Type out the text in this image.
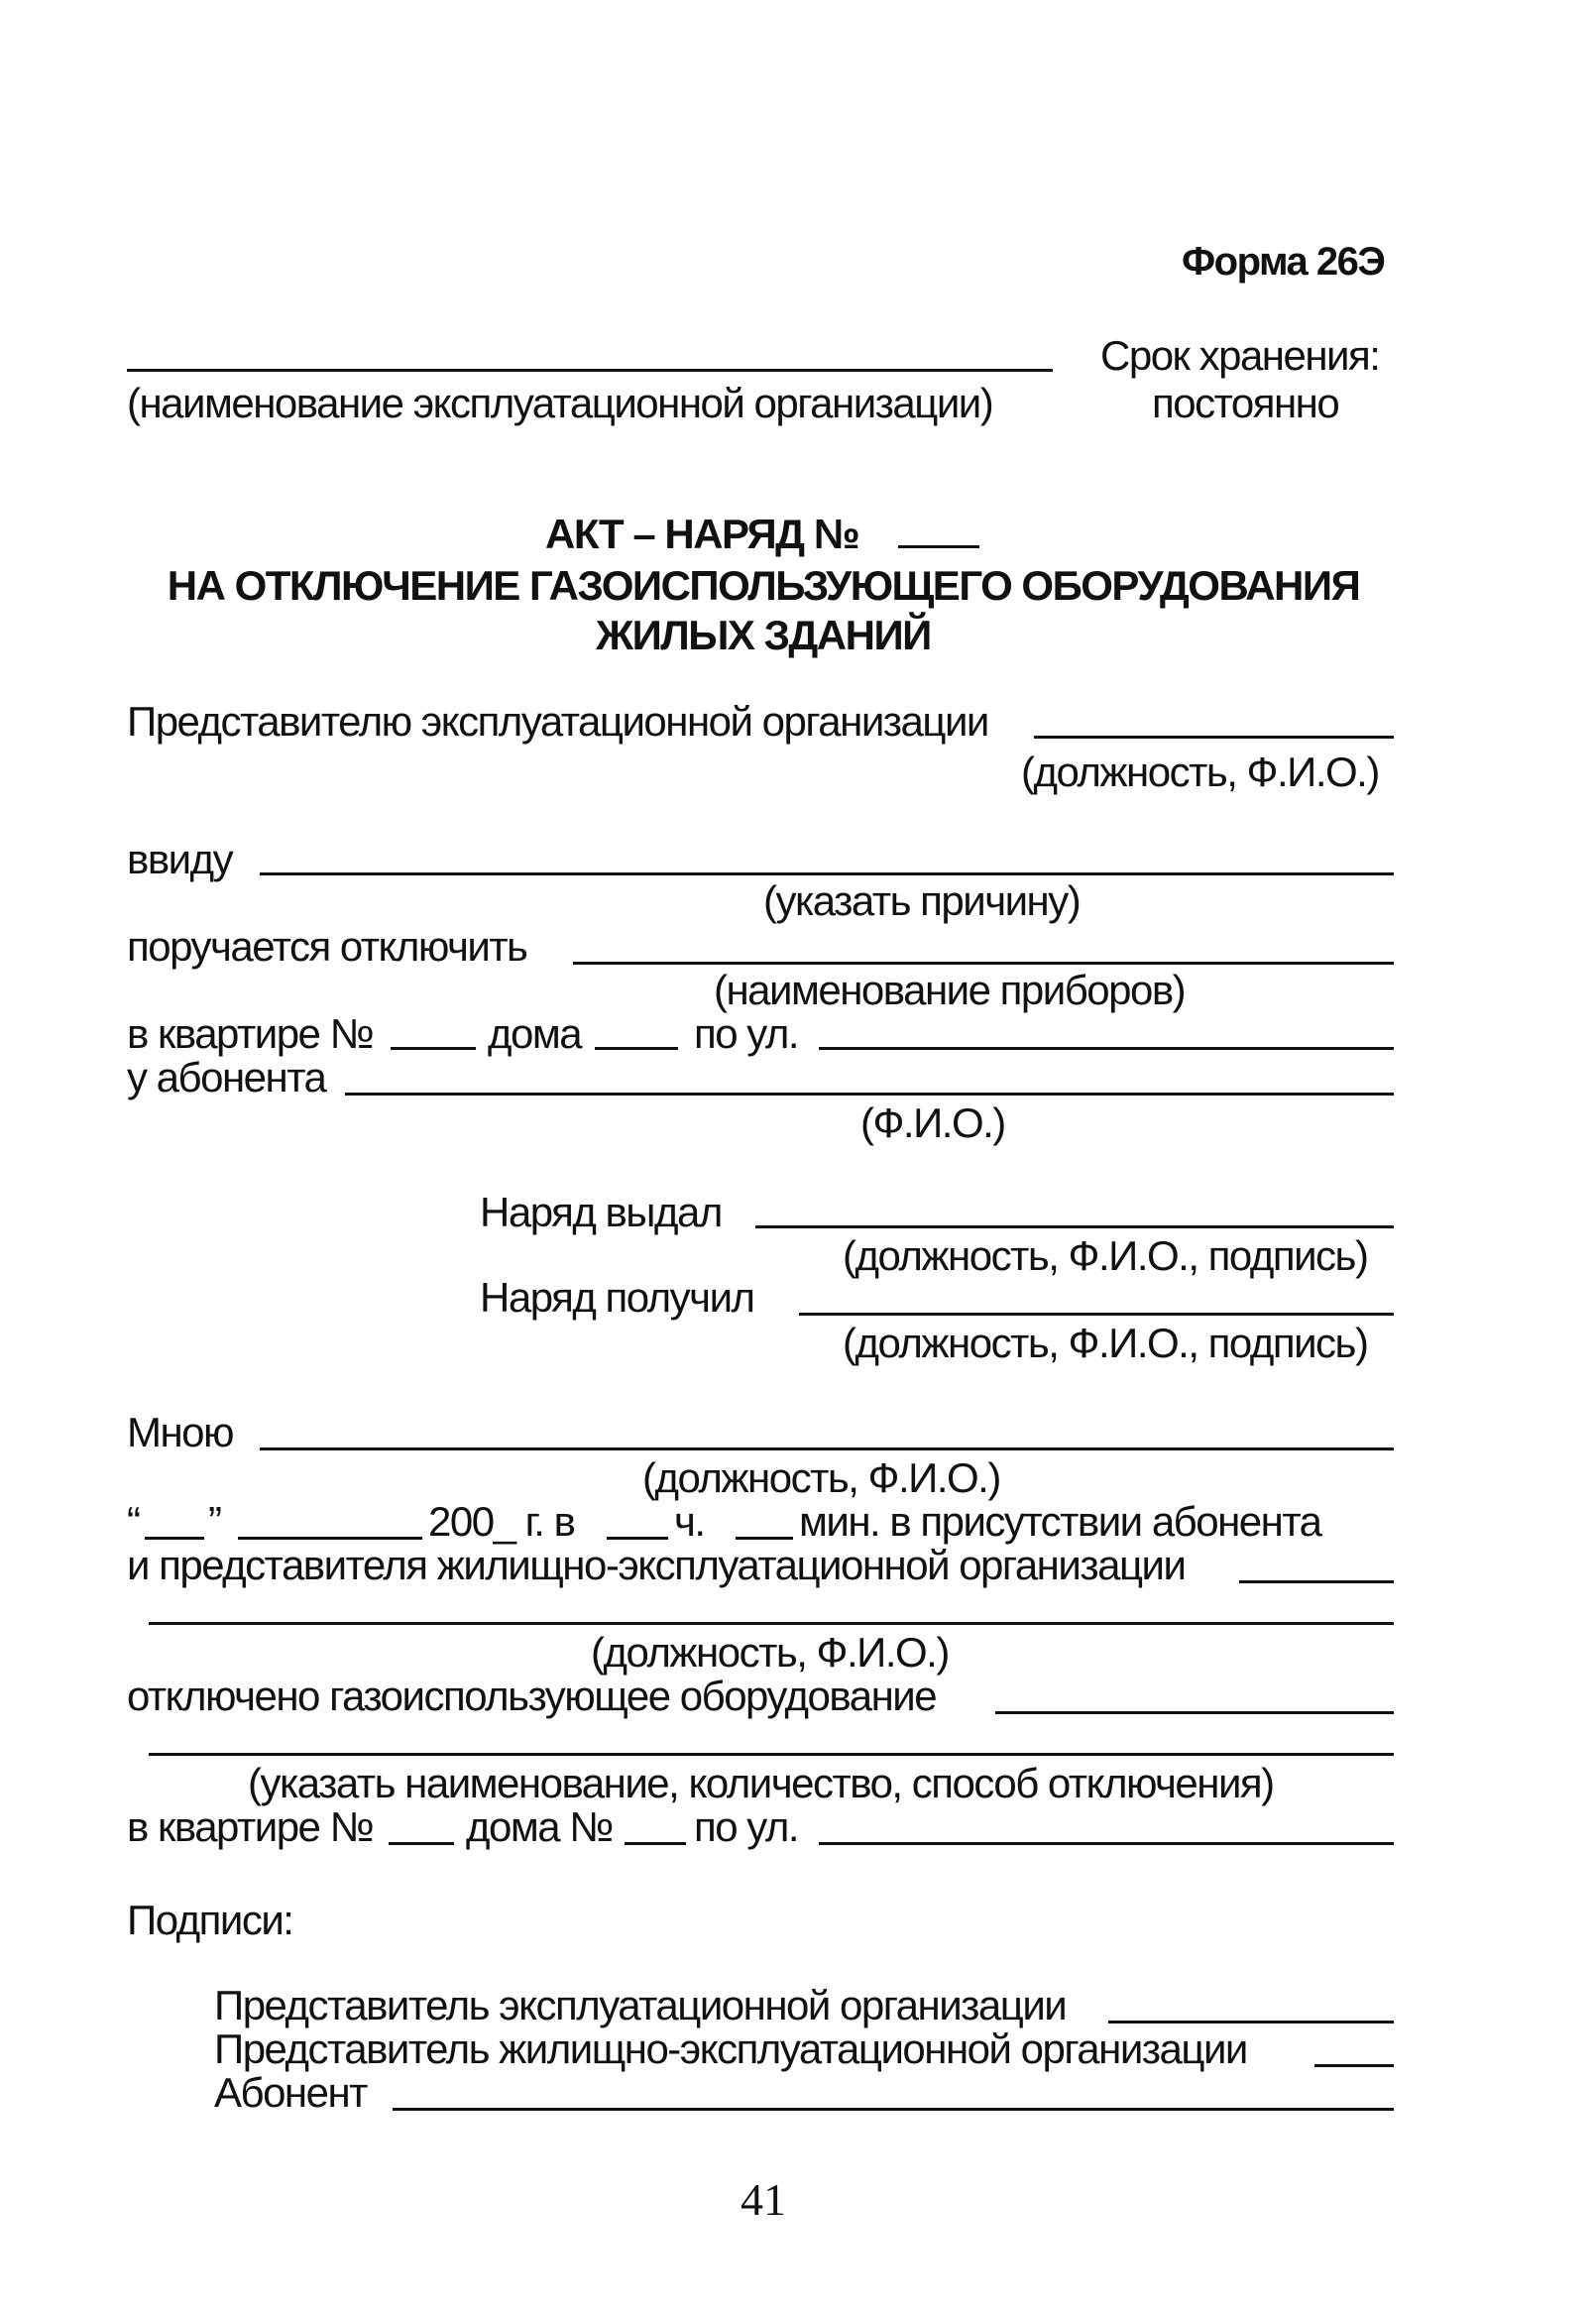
Форма 26Э
Срок хранения:
(наименование эксплуатационной организации)	постоянно
АКТ – НАРЯД №
НА ОТКЛЮЧЕНИЕ ГАЗОИСПОЛЬЗУЮЩЕГО ОБОРУДОВАНИЯ
ЖИЛЫХ ЗДАНИЙ
Представителю эксплуатационной организации
(должность, Ф.И.О.)
ввиду
(указать причину)
поручается отключить
(наименование приборов)
в квартире №	дома	по ул.
у абонента
(Ф.И.О.)
Наряд выдал
(должность, Ф.И.О., подпись)
Наряд получил
(должность, Ф.И.О., подпись)
Мною
(должность, Ф.И.О.)
“ ”	200_ г. в ч. мин. в присутствии абонента
и представителя жилищно-эксплуатационной организации
(должность, Ф.И.О.)
отключено газоиспользующее оборудование
(указать наименование, количество, способ отключения)
в квартире № дома № по ул.
Подписи:
Представитель эксплуатационной организации
Представитель жилищно-эксплуатационной организации
Абонент
41
